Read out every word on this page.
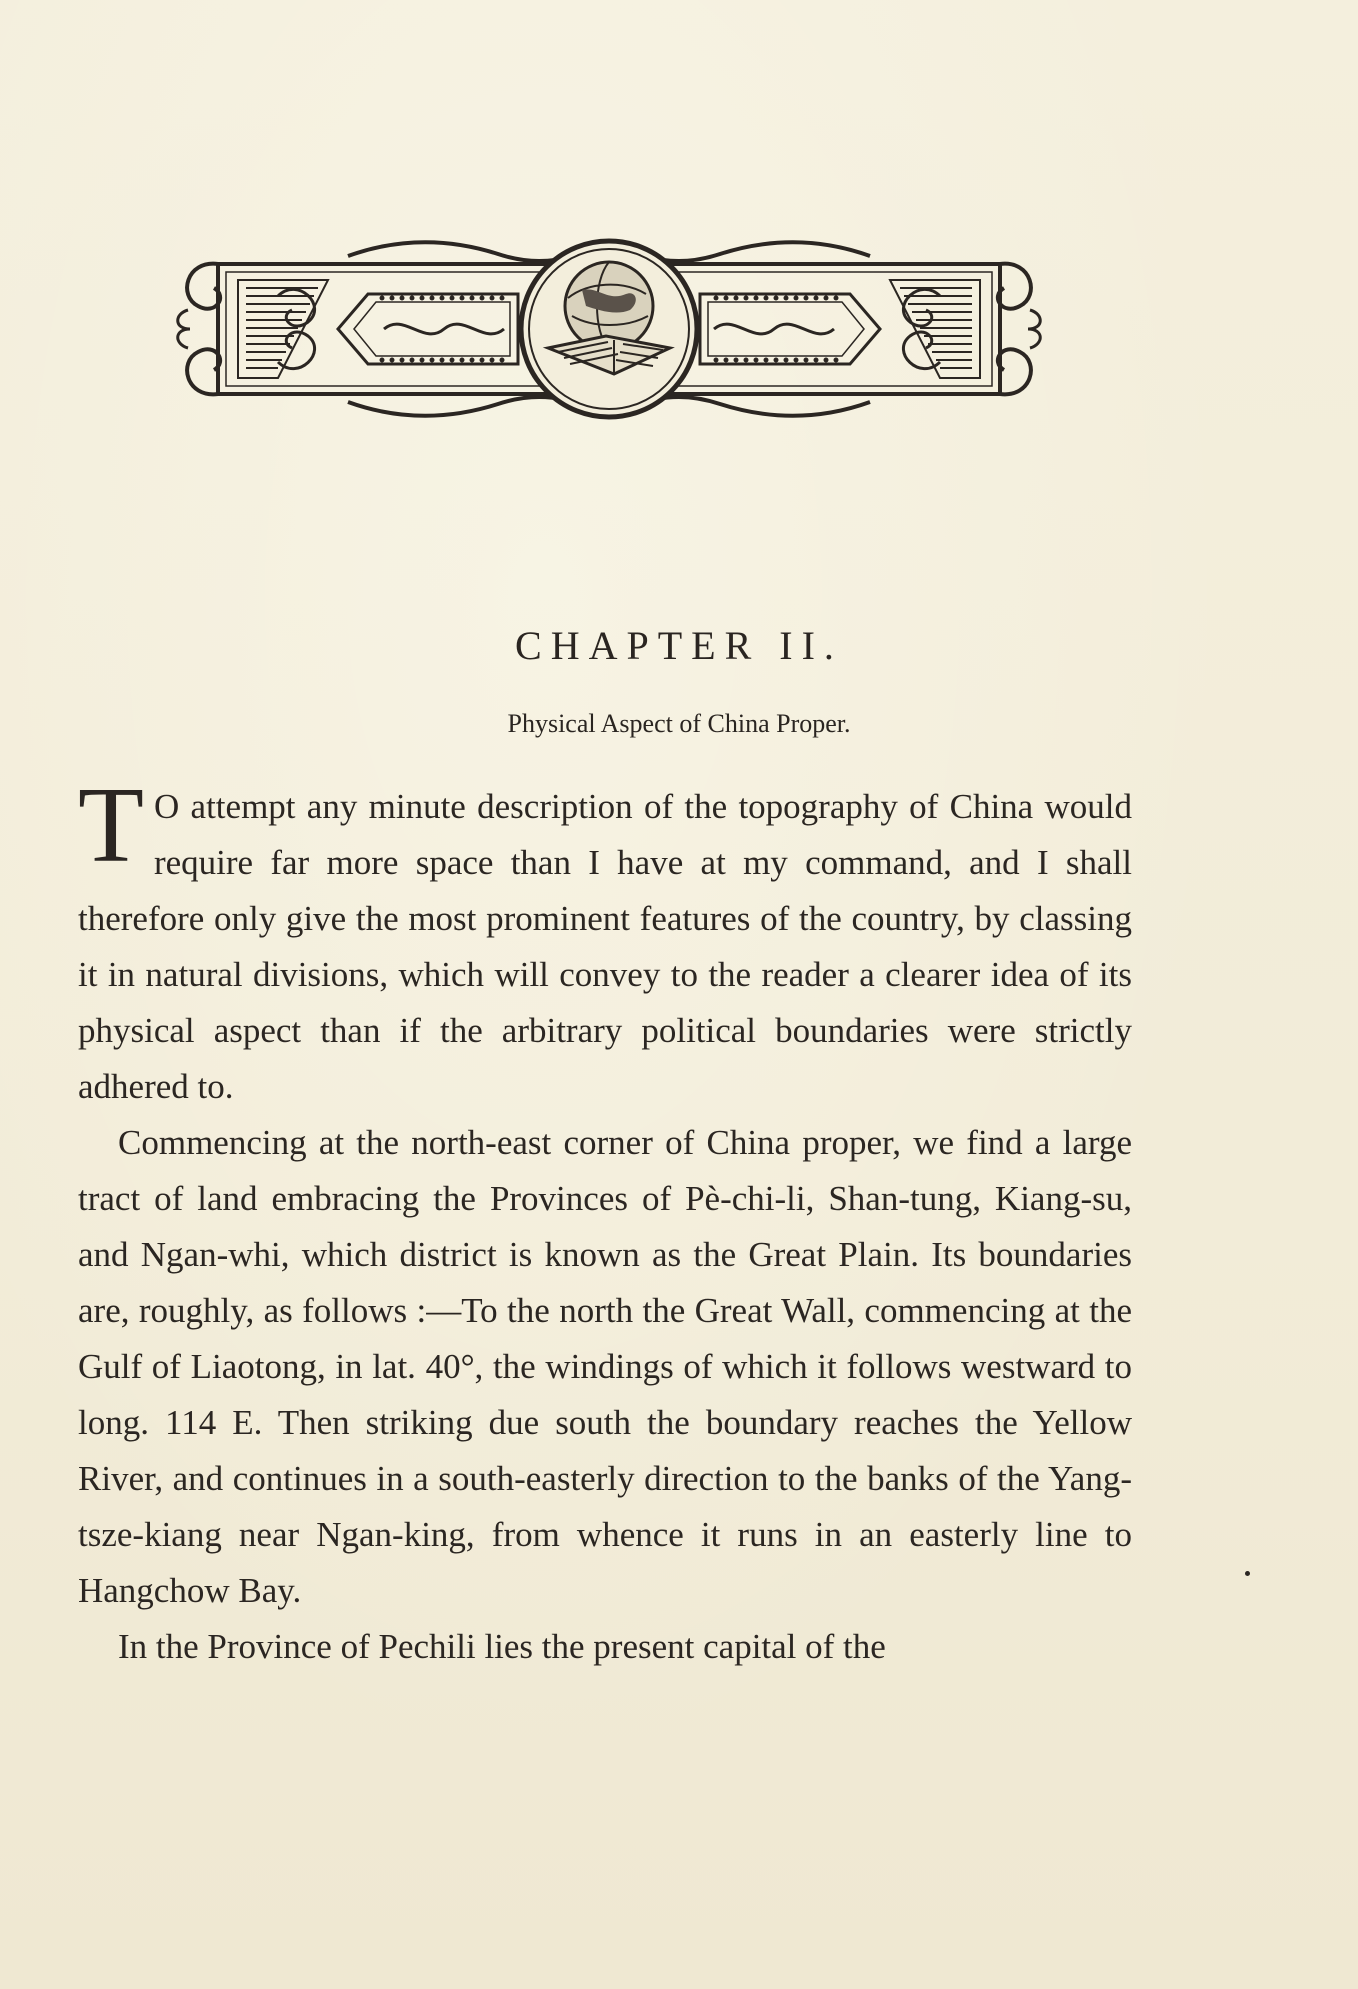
CHAPTER II.
Physical Aspect of China Proper.

T O attempt any minute description of the topography of China would require far more space than I have at my command, and I shall therefore only give the most prominent features of the country, by classing it in natural divisions, which will convey to the reader a clearer idea of its physical aspect than if the arbitrary political boundaries were strictly adhered to.

Commencing at the north-east corner of China proper, we find a large tract of land embracing the Provinces of Pè-chi-li, Shan-tung, Kiang-su, and Ngan-whi, which district is known as the Great Plain. Its boundaries are, roughly, as follows :—To the north the Great Wall, commencing at the Gulf of Liaotong, in lat. 40°, the windings of which it follows westward to long. 114 E. Then striking due south the boundary reaches the Yellow River, and continues in a south-easterly direction to the banks of the Yang-tsze-kiang near Ngan-king, from whence it runs in an easterly line to Hangchow Bay.

In the Province of Pechili lies the present capital of the
